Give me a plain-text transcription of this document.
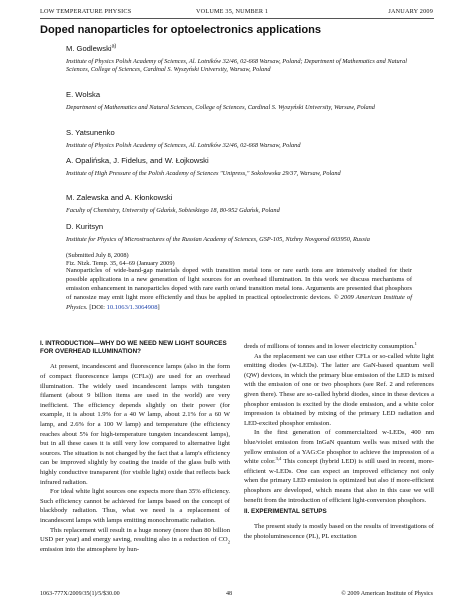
LOW TEMPERATURE PHYSICS	VOLUME 35, NUMBER 1	JANUARY 2009
Doped nanoparticles for optoelectronics applications
M. Godlewski$^{a)}$
Institute of Physics Polish Academy of Sciences, Al. Lotników 32/46, 02-668 Warsaw, Poland; Department of Mathematics and Natural Sciences, College of Sciences, Cardinal S. Wyszyński University, Warsaw, Poland
E. Wolska
Department of Mathematics and Natural Sciences, College of Sciences, Cardinal S. Wyszyński University, Warsaw, Poland
S. Yatsunenko
Institute of Physics Polish Academy of Sciences, Al. Lotników 32/46, 02-668 Warsaw, Poland
A. Opalińska, J. Fidelus, and W. Łojkowski
Institute of High Pressure of the Polish Academy of Sciences "Unipress," Sokołowska 29/37, Warsaw, Poland
M. Zalewska and A. Kłonkowski
Faculty of Chemistry, University of Gdańsk, Sobieskiego 18, 80-952 Gdańsk, Poland
D. Kuritsyn
Institute for Physics of Microstructures of the Russian Academy of Sciences, GSP-105, Nizhny Novgorod 603950, Russia
(Submitted July 8, 2008)
Fiz. Nizk. Temp. 35, 64–69 (January 2009)
Nanoparticles of wide-band-gap materials doped with transition metal ions or rare earth ions are intensively studied for their possible applications in a new generation of light sources for an overhead illumination. In this work we discuss mechanisms of emission enhancement in nanoparticles doped with rare earth or/and transition metal ions. Arguments are presented that phosphors of nanosize may emit light more efficiently and thus be applied in practical optoelectronic devices. © 2009 American Institute of Physics. [DOI: 10.1063/1.3064908]
I. INTRODUCTION—WHY DO WE NEED NEW LIGHT SOURCES FOR OVERHEAD ILLUMINATION?

At present, incandescent and fluorescence lamps (also in the form of compact fluorescence lamps (CFLs)) are used for an overhead illumination. The widely used incandescent lamps with tungsten filament (about 9 billion items are used in the world) are very inefficient. The efficiency depends slightly on their power (for example, it is about 1.9% for a 40 W lamp, about 2.1% for a 60 W lamp, and 2.6% for a 100 W lamp) and temperature (the efficiency reaches about 5% for high-temperature tungsten incandescent lamps), but in all these cases it is still very low compared to alternative light sources. The situation is not changed by the fact that a lamp's efficiency can be improved slightly by coating the inside of the glass bulb with highly conductive transparent (for visible light) oxide that reflects back infrared radiation.

For ideal white light sources one expects more than 35% efficiency. Such efficiency cannot be achieved for lamps based on the concept of blackbody radiation. Thus, what we need is a replacement of incandescent lamps with lamps emitting monochromatic radiation.

This replacement will result in a huge money (more than 80 billion USD per year) and energy saving, resulting also in a reduction of $CO_2$ emission into the atmosphere by hun-

dreds of millions of tonnes and in lower electricity consumption.$^1$

As the replacement we can use either CFLs or so-called white light emitting diodes (w-LEDs). The latter are GaN-based quantum well (QW) devices, in which the primary blue emission of the LED is mixed with the emission of one or two phosphors (see Ref. 2 and references given there). These are so-called hybrid diodes, since in these devices a phosphor emission is excited by the diode emission, and a white color impression is obtained by mixing of the primary LED radiation and LED-excited phosphor emission.

In the first generation of commercialized w-LEDs, 400 nm blue/violet emission from InGaN quantum wells was mixed with the yellow emission of a YAG:Ce phosphor to achieve the impression of a white color.$^{3,4}$ This concept (hybrid LED) is still used in recent, more-efficient w-LEDs. One can expect an improved efficiency not only when the primary LED emission is optimized but also if more-efficient phosphors are developed, which means that also in this case we will benefit from the introduction of efficient light-conversion phosphors.

II. EXPERIMENTAL SETUPS

The present study is mostly based on the results of investigations of the photoluminescence (PL), PL excitation

1063-777X/2009/35(1)/5/$30.00	48	© 2009 American Institute of Physics
